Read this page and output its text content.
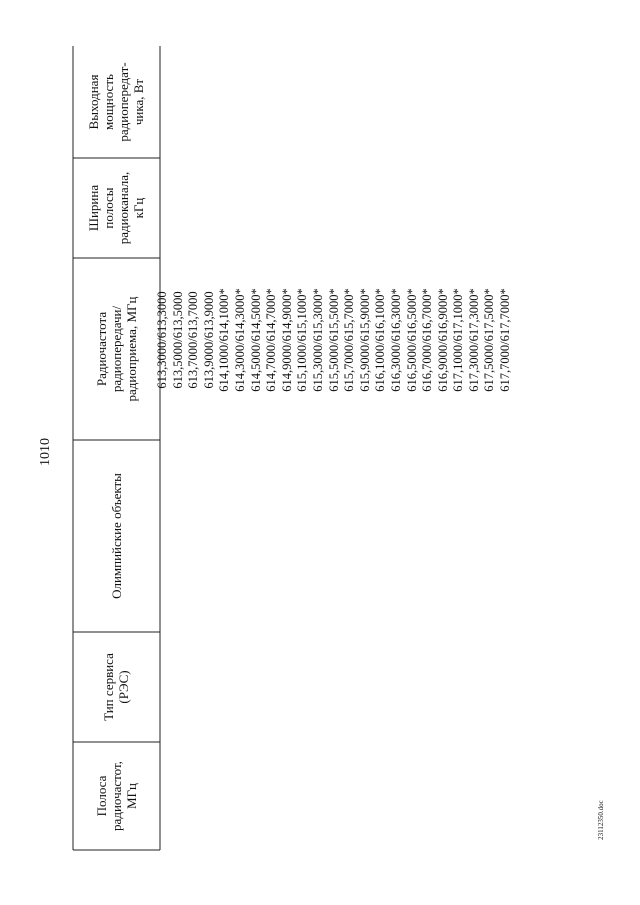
1010
23112350.doc
Выходная
мощность
радиопередат-
чика, Вт
Ширина
полосы
радиоканала,
кГц
Радиочастота
радиопередачи/
радиоприема, МГц
Олимпийские объекты
Тип сервиса
(РЭС)
Полоса
радиочастот,
МГц
613,3000/613,3000 613,5000/613,5000 613,7000/613,7000 613,9000/613,9000 614,1000/614,1000* 614,3000/614,3000* 614,5000/614,5000* 614,7000/614,7000* 614,9000/614,9000* 615,1000/615,1000* 615,3000/615,3000* 615,5000/615,5000* 615,7000/615,7000* 615,9000/615,9000* 616,1000/616,1000* 616,3000/616,3000* 616,5000/616,5000* 616,7000/616,7000* 616,9000/616,9000* 617,1000/617,1000* 617,3000/617,3000* 617,5000/617,5000* 617,7000/617,7000*
